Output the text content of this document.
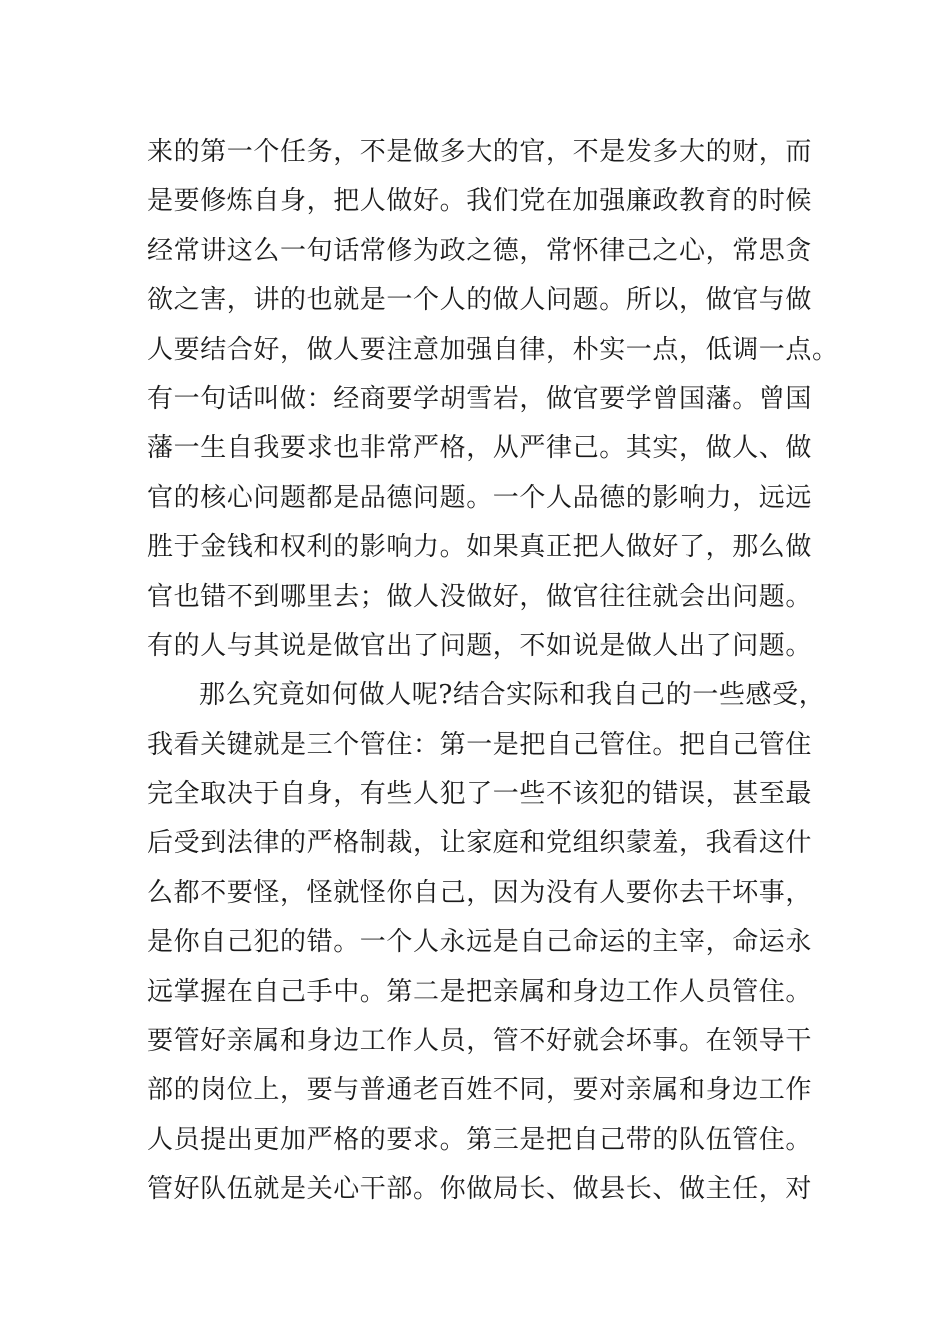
来的第一个任务，不是做多大的官，不是发多大的财，而
是要修炼自身，把人做好。我们党在加强廉政教育的时候
经常讲这么一句话常修为政之德，常怀律己之心，常思贪
欲之害，讲的也就是一个人的做人问题。所以，做官与做
人要结合好，做人要注意加强自律，朴实一点，低调一点。
有一句话叫做：经商要学胡雪岩，做官要学曾国藩。曾国
藩一生自我要求也非常严格，从严律己。其实，做人、做
官的核心问题都是品德问题。一个人品德的影响力，远远
胜于金钱和权利的影响力。如果真正把人做好了，那么做
官也错不到哪里去；做人没做好，做官往往就会出问题。
有的人与其说是做官出了问题，不如说是做人出了问题。
那么究竟如何做人呢?结合实际和我自己的一些感受，
我看关键就是三个管住：第一是把自己管住。把自己管住
完全取决于自身，有些人犯了一些不该犯的错误，甚至最
后受到法律的严格制裁，让家庭和党组织蒙羞，我看这什
么都不要怪，怪就怪你自己，因为没有人要你去干坏事，
是你自己犯的错。一个人永远是自己命运的主宰，命运永
远掌握在自己手中。第二是把亲属和身边工作人员管住。
要管好亲属和身边工作人员，管不好就会坏事。在领导干
部的岗位上，要与普通老百姓不同，要对亲属和身边工作
人员提出更加严格的要求。第三是把自己带的队伍管住。
管好队伍就是关心干部。你做局长、做县长、做主任，对
